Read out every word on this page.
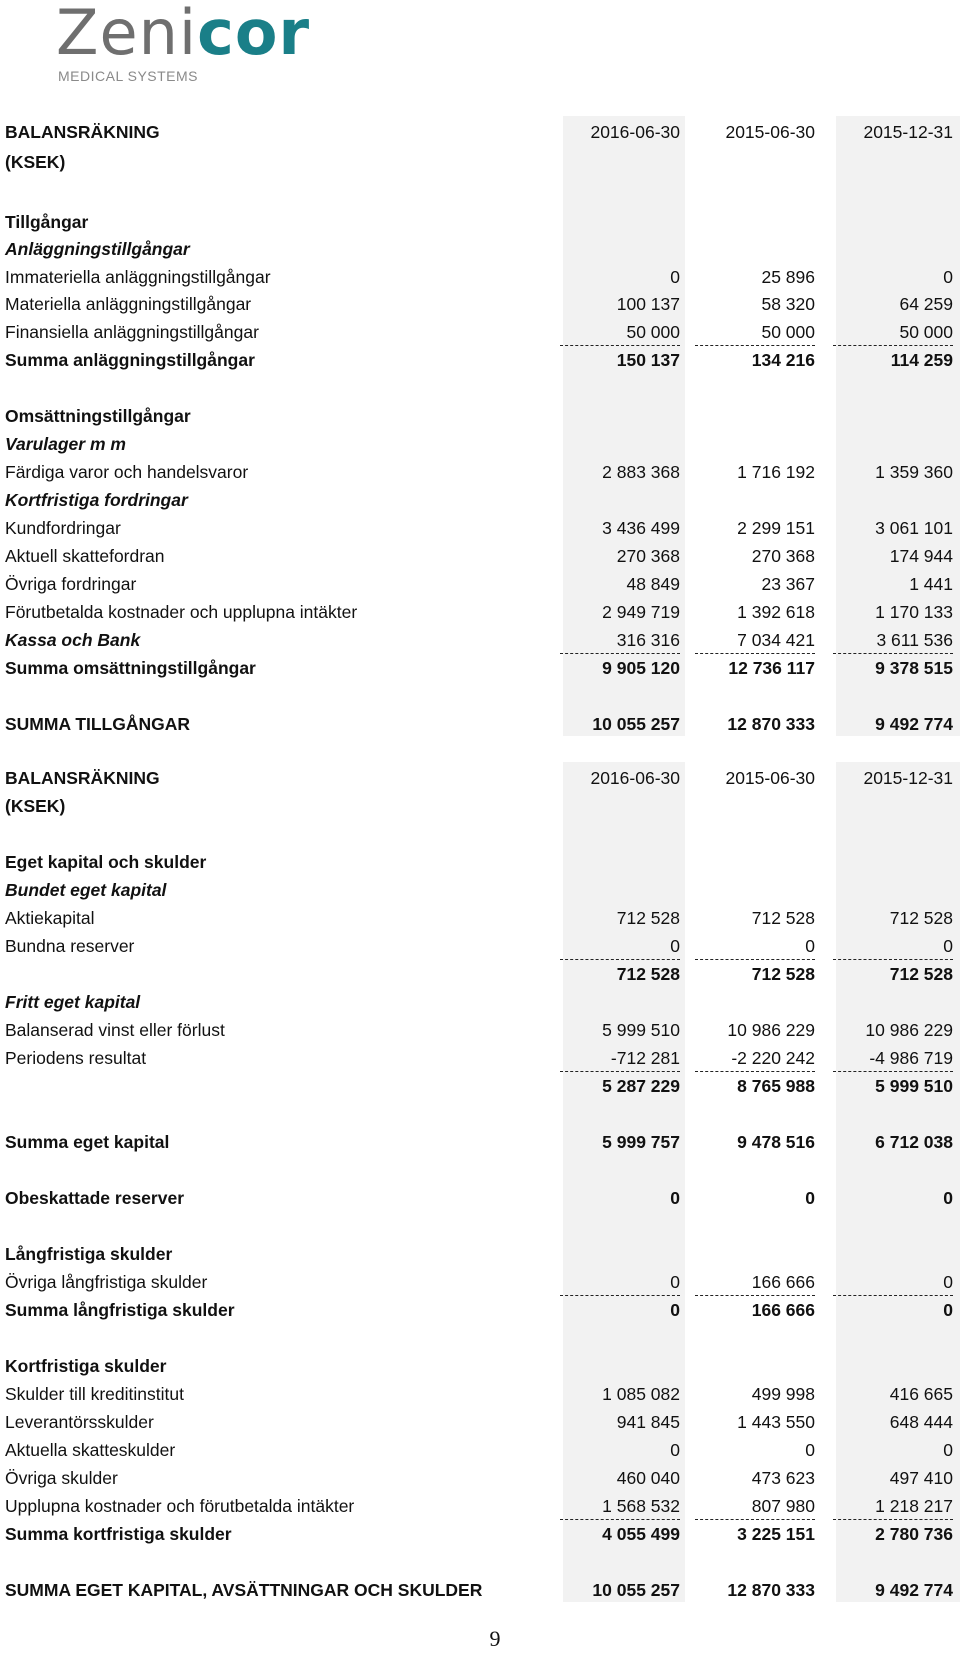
Zenicor
MEDICAL SYSTEMS
BALANSRÄKNING	2016-06-30	2015-06-30	2015-12-31
(KSEK)
BALANSRÄKNING	2016-06-30	2015-06-30	2015-12-31
(KSEK)
Tillgångar
Anläggningstillgångar
Immateriella anläggningstillgångar	0	25 896	0
Materiella anläggningstillgångar	100 137	58 320	64 259
Finansiella anläggningstillgångar	50 000	50 000	50 000
Summa anläggningstillgångar	150 137	134 216	114 259
Omsättningstillgångar
Varulager m m
Färdiga varor och handelsvaror	2 883 368	1 716 192	1 359 360
Kortfristiga fordringar
Kundfordringar	3 436 499	2 299 151	3 061 101
Aktuell skattefordran	270 368	270 368	174 944
Övriga fordringar	48 849	23 367	1 441
Förutbetalda kostnader och upplupna intäkter	2 949 719	1 392 618	1 170 133
Kassa och Bank	316 316	7 034 421	3 611 536
Summa omsättningstillgångar	9 905 120	12 736 117	9 378 515
SUMMA TILLGÅNGAR	10 055 257	12 870 333	9 492 774
Eget kapital och skulder
Bundet eget kapital
Aktiekapital	712 528	712 528	712 528
Bundna reserver	0	0	0
712 528	712 528	712 528
Fritt eget kapital
Balanserad vinst eller förlust	5 999 510	10 986 229	10 986 229
Periodens resultat	-712 281	-2 220 242	-4 986 719
5 287 229	8 765 988	5 999 510
Summa eget kapital	5 999 757	9 478 516	6 712 038
Obeskattade reserver	0	0	0
Långfristiga skulder
Övriga långfristiga skulder	0	166 666	0
Summa långfristiga skulder	0	166 666	0
Kortfristiga skulder
Skulder till kreditinstitut	1 085 082	499 998	416 665
Leverantörsskulder	941 845	1 443 550	648 444
Aktuella skatteskulder	0	0	0
Övriga skulder	460 040	473 623	497 410
Upplupna kostnader och förutbetalda intäkter	1 568 532	807 980	1 218 217
Summa kortfristiga skulder	4 055 499	3 225 151	2 780 736
SUMMA EGET KAPITAL, AVSÄTTNINGAR OCH SKULDER	10 055 257	12 870 333	9 492 774
9
